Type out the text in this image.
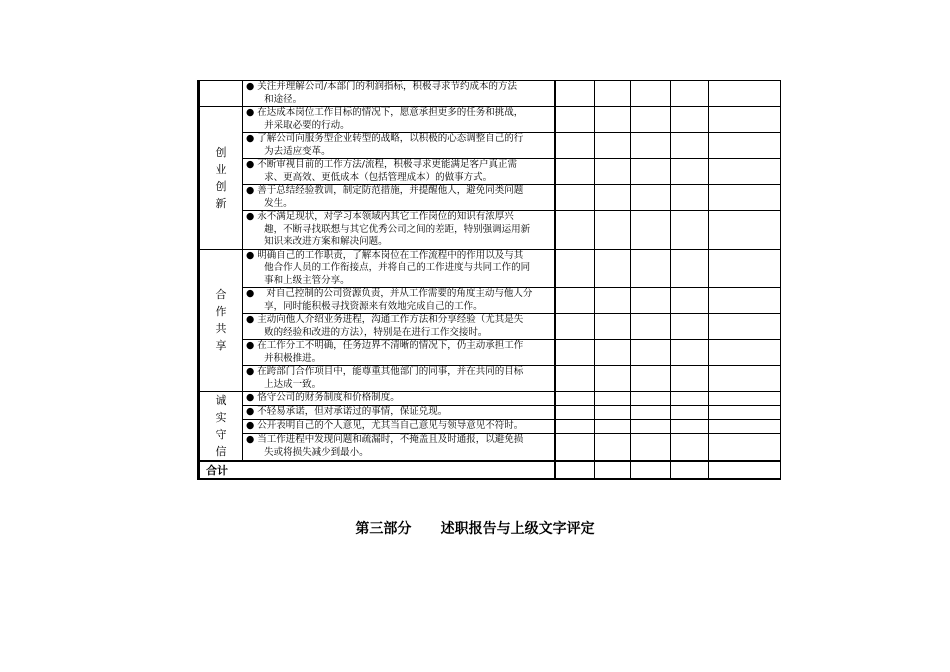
	● 关注并理解公司/本部门的利润指标，积极寻求节约成本的方法
和途径。					

创业创新	● 在达成本岗位工作目标的情况下，愿意承担更多的任务和挑战，
并采取必要的行动。					

	● 了解公司向服务型企业转型的战略，以积极的心态调整自己的行
为去适应变革。					

	● 不断审视目前的工作方法/流程，积极寻求更能满足客户真正需
求、更高效、更低成本（包括管理成本）的做事方式。					

	● 善于总结经验教训，制定防范措施，并提醒他人，避免同类问题
发生。					

	● 永不满足现状，对学习本领域内其它工作岗位的知识有浓厚兴
趣，不断寻找联想与其它优秀公司之间的差距，特别强调运用新
知识来改进方案和解决问题。					

合作共享	● 明确自己的工作职责，了解本岗位在工作流程中的作用以及与其
他合作人员的工作衔接点，并将自己的工作进度与共同工作的同
事和上级主管分享。					

	●    对自己控制的公司资源负责，并从工作需要的角度主动与他人分
享，同时能积极寻找资源来有效地完成自己的工作。					

	● 主动向他人介绍业务进程，沟通工作方法和分享经验（尤其是失
败的经验和改进的方法），特别是在进行工作交接时。					

	● 在工作分工不明确，任务边界不清晰的情况下，仍主动承担工作
并积极推进。					

	● 在跨部门合作项目中，能尊重其他部门的同事，并在共同的目标
上达成一致。					

诚实守信	● 恪守公司的财务制度和价格制度。					

	● 不轻易承诺，但对承诺过的事情，保证兑现。					

	● 公开表明自己的个人意见，尤其当自己意见与领导意见不符时。					

	● 当工作进程中发现问题和疏漏时，不掩盖且及时通报，以避免损
失或将损失减少到最小。					

合计						
第三部分      述职报告与上级文字评定
